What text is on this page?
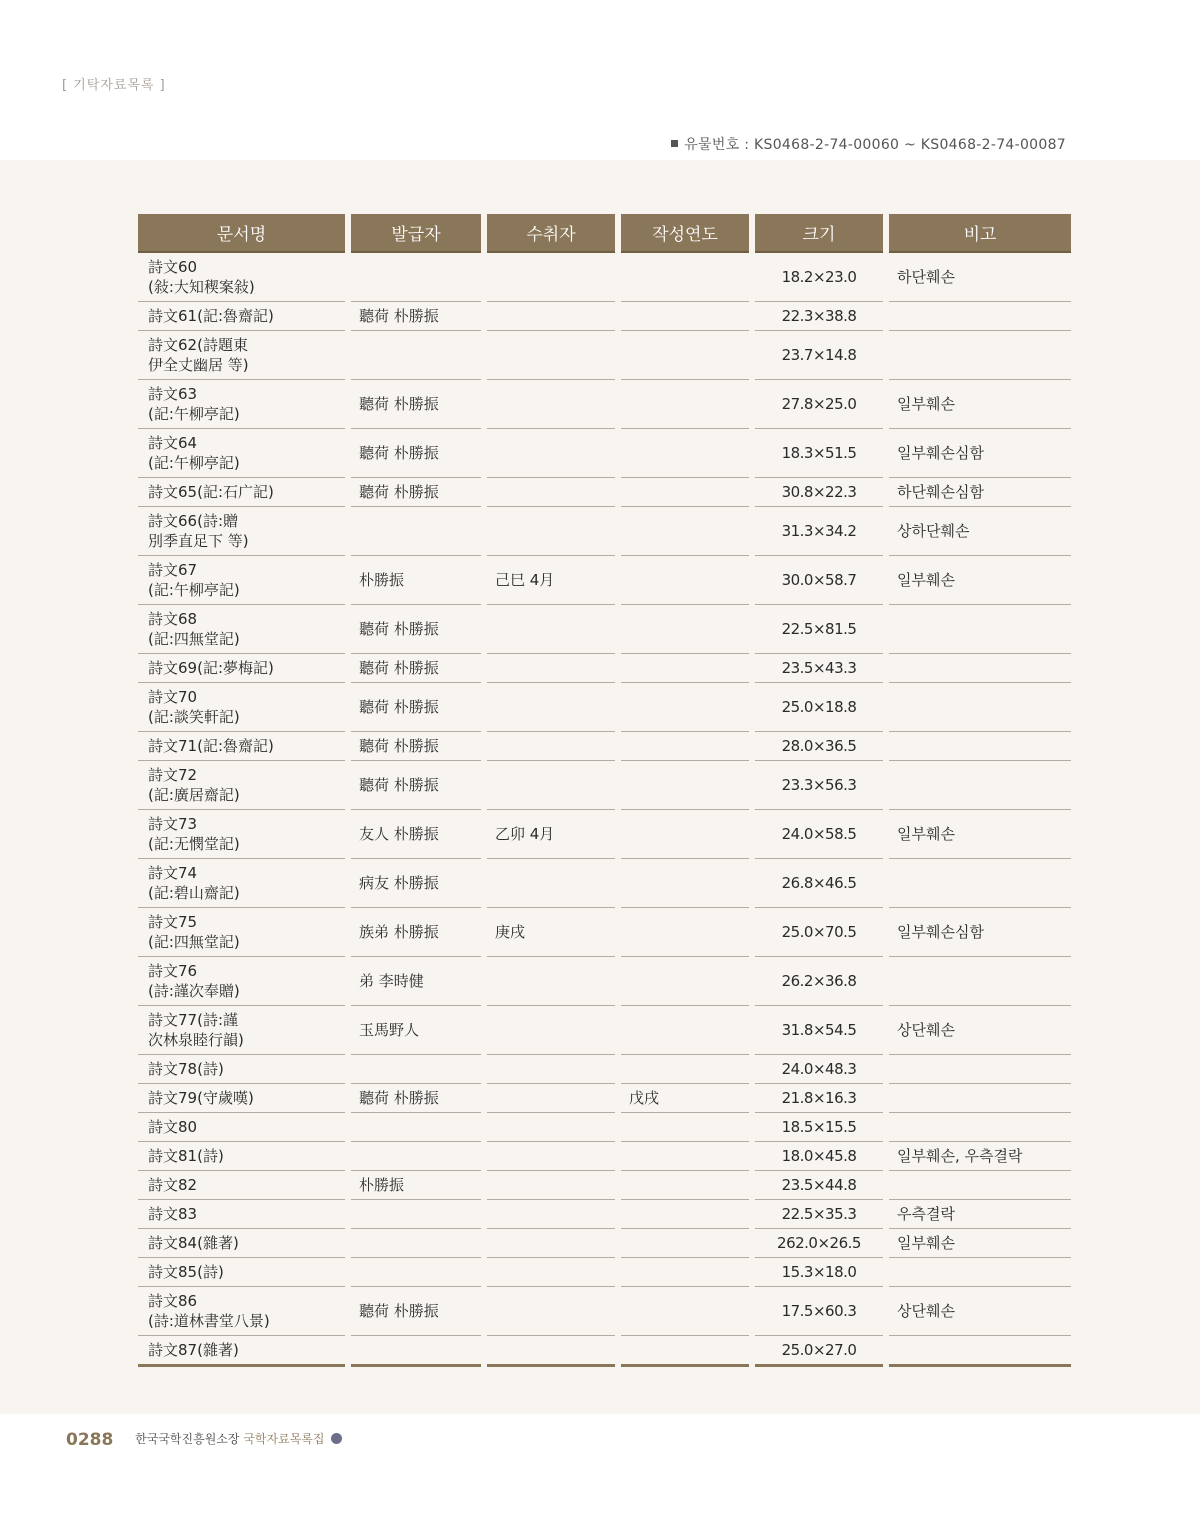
[ 기탁자료목록 ]
유물번호 : KS0468-2-74-00060 ~ KS0468-2-74-00087
문서명	발급자	수취자	작성연도	크기	비고
詩文60
(敍:大知稧案敍)				18.2×23.0	하단훼손
詩文61(記:魯齋記)	聽荷 朴勝振			22.3×38.8	
詩文62(詩題東
伊全丈幽居 等)				23.7×14.8	
詩文63
(記:午柳亭記)	聽荷 朴勝振			27.8×25.0	일부훼손
詩文64
(記:午柳亭記)	聽荷 朴勝振			18.3×51.5	일부훼손심함
詩文65(記:石广記)	聽荷 朴勝振			30.8×22.3	하단훼손심함
詩文66(詩:贈
別季直足下 等)				31.3×34.2	상하단훼손
詩文67
(記:午柳亭記)	朴勝振	己巳 4月		30.0×58.7	일부훼손
詩文68
(記:四無堂記)	聽荷 朴勝振			22.5×81.5	
詩文69(記:夢梅記)	聽荷 朴勝振			23.5×43.3	
詩文70
(記:談笑軒記)	聽荷 朴勝振			25.0×18.8	
詩文71(記:魯齋記)	聽荷 朴勝振			28.0×36.5	
詩文72
(記:廣居齋記)	聽荷 朴勝振			23.3×56.3	
詩文73
(記:无憫堂記)	友人 朴勝振	乙卯 4月		24.0×58.5	일부훼손
詩文74
(記:碧山齋記)	病友 朴勝振			26.8×46.5	
詩文75
(記:四無堂記)	族弟 朴勝振	庚戌		25.0×70.5	일부훼손심함
詩文76
(詩:謹次奉贈)	弟 李時健			26.2×36.8	
詩文77(詩:謹
次林泉睦行韻)	玉馬野人			31.8×54.5	상단훼손
詩文78(詩)				24.0×48.3	
詩文79(守歲嘆)	聽荷 朴勝振		戊戌	21.8×16.3	
詩文80				18.5×15.5	
詩文81(詩)				18.0×45.8	일부훼손, 우측결락
詩文82	朴勝振			23.5×44.8	
詩文83				22.5×35.3	우측결락
詩文84(雜著)				262.0×26.5	일부훼손
詩文85(詩)				15.3×18.0	
詩文86
(詩:道林書堂八景)	聽荷 朴勝振			17.5×60.3	상단훼손
詩文87(雜著)				25.0×27.0	
0288 한국국학진흥원소장 국학자료목록집
